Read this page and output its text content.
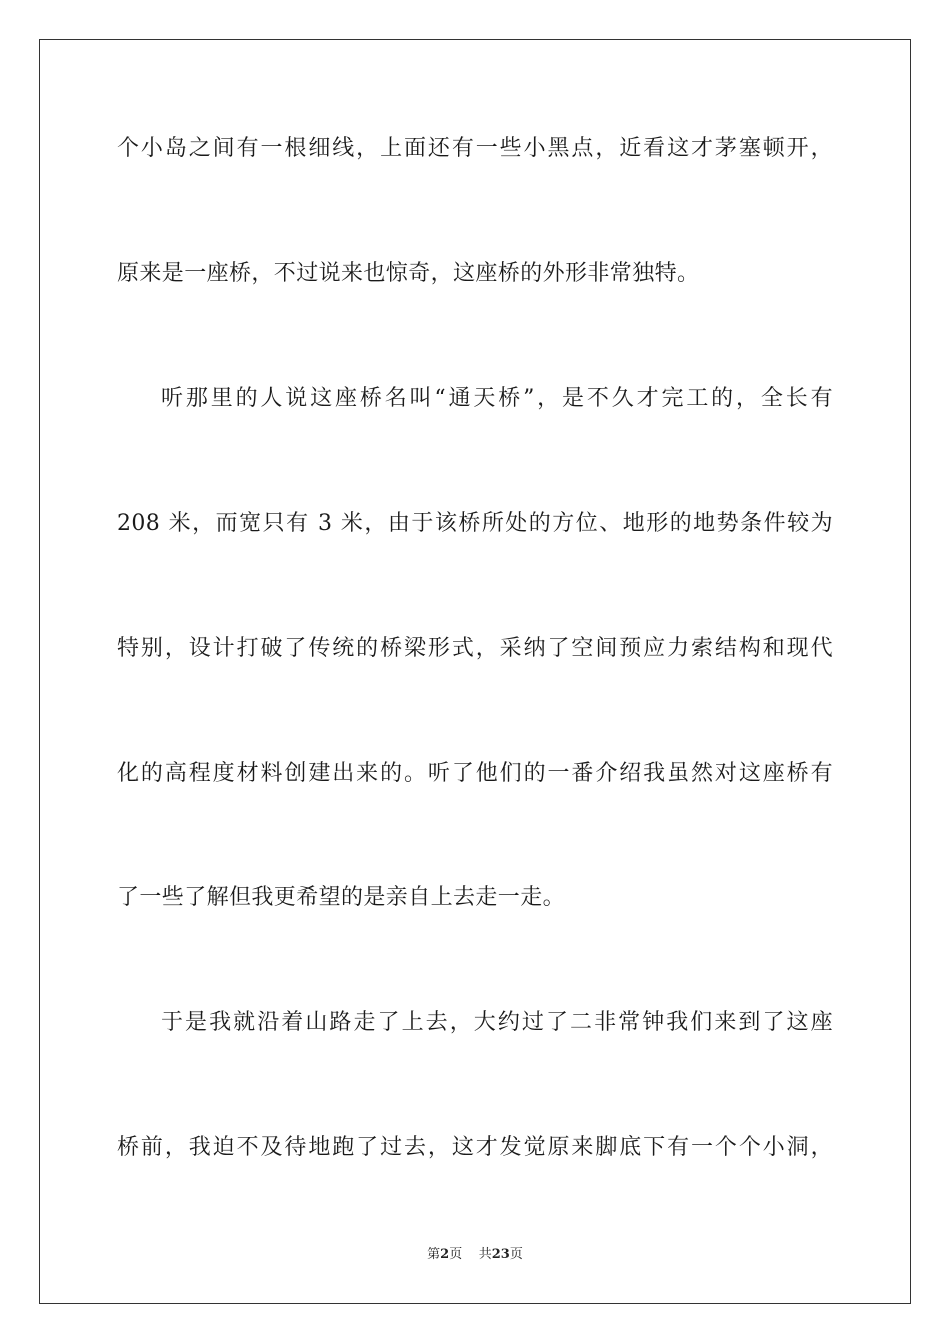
个小岛之间有一根细线，上面还有一些小黑点，近看这才茅塞顿开，
原来是一座桥，不过说来也惊奇，这座桥的外形非常独特。
听那里的人说这座桥名叫“通天桥”，是不久才完工的，全长有
208 米，而宽只有 3 米，由于该桥所处的方位、地形的地势条件较为
特别，设计打破了传统的桥梁形式，采纳了空间预应力索结构和现代
化的高程度材料创建出来的。听了他们的一番介绍我虽然对这座桥有
了一些了解但我更希望的是亲自上去走一走。
于是我就沿着山路走了上去，大约过了二非常钟我们来到了这座
桥前，我迫不及待地跑了过去，这才发觉原来脚底下有一个个小洞，
第2页 共23页
